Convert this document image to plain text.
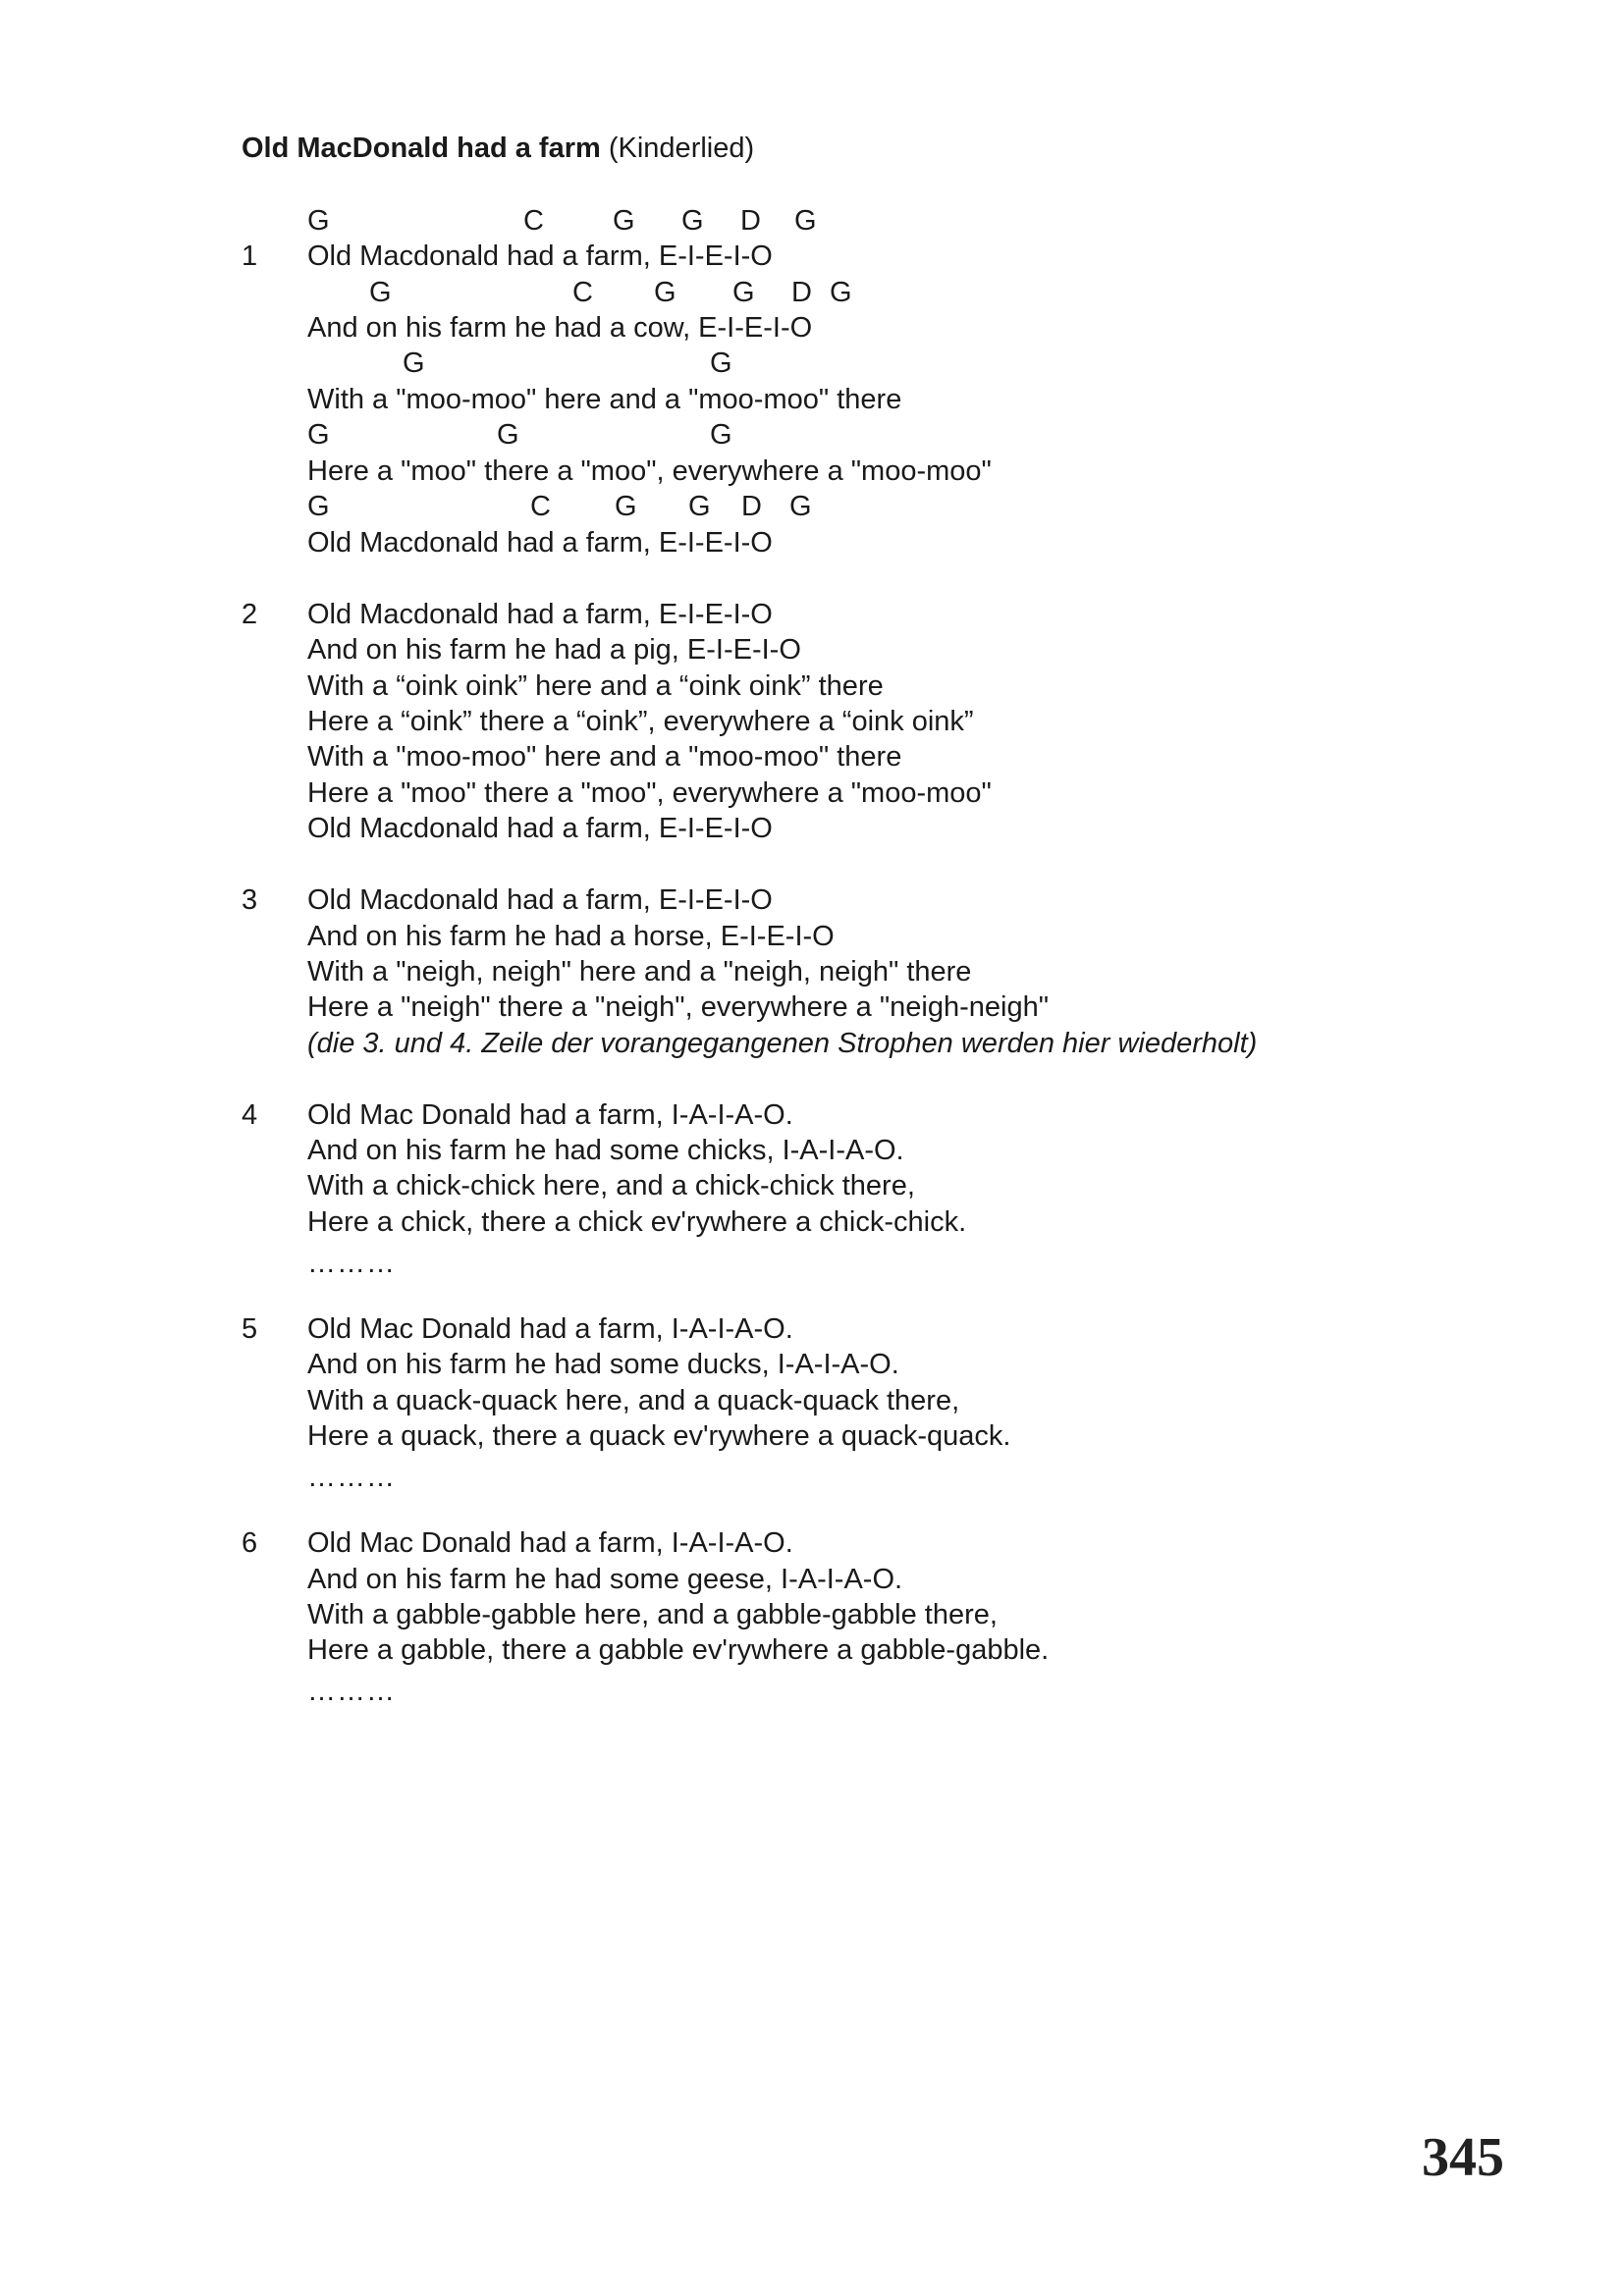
Old MacDonald had a farm (Kinderlied)
G	C G G D G
1 Old Macdonald had a farm, E-I-E-I-O
G	C G G D G
And on his farm he had a cow, E-I-E-I-O
G	G
With a "moo-moo" here and a "moo-moo" there
G	G	G
Here a "moo" there a "moo", everywhere a "moo-moo"
G	C G G D G
Old Macdonald had a farm, E-I-E-I-O
2 Old Macdonald had a farm, E-I-E-I-O
And on his farm he had a pig, E-I-E-I-O
With a “oink oink” here and a “oink oink” there
Here a “oink” there a “oink”, everywhere a “oink oink”
With a "moo-moo" here and a "moo-moo" there
Here a "moo" there a "moo", everywhere a "moo-moo"
Old Macdonald had a farm, E-I-E-I-O
3 Old Macdonald had a farm, E-I-E-I-O
And on his farm he had a horse, E-I-E-I-O
With a "neigh, neigh" here and a "neigh, neigh" there
Here a "neigh" there a "neigh", everywhere a "neigh-neigh"
(die 3. und 4. Zeile der vorangegangenen Strophen werden hier wiederholt)
4 Old Mac Donald had a farm, I-A-I-A-O.
And on his farm he had some chicks, I-A-I-A-O.
With a chick-chick here, and a chick-chick there,
Here a chick, there a chick ev'rywhere a chick-chick.
………
5 Old Mac Donald had a farm, I-A-I-A-O.
And on his farm he had some ducks, I-A-I-A-O.
With a quack-quack here, and a quack-quack there,
Here a quack, there a quack ev'rywhere a quack-quack.
………
6 Old Mac Donald had a farm, I-A-I-A-O.
And on his farm he had some geese, I-A-I-A-O.
With a gabble-gabble here, and a gabble-gabble there,
Here a gabble, there a gabble ev'rywhere a gabble-gabble.
………
345
